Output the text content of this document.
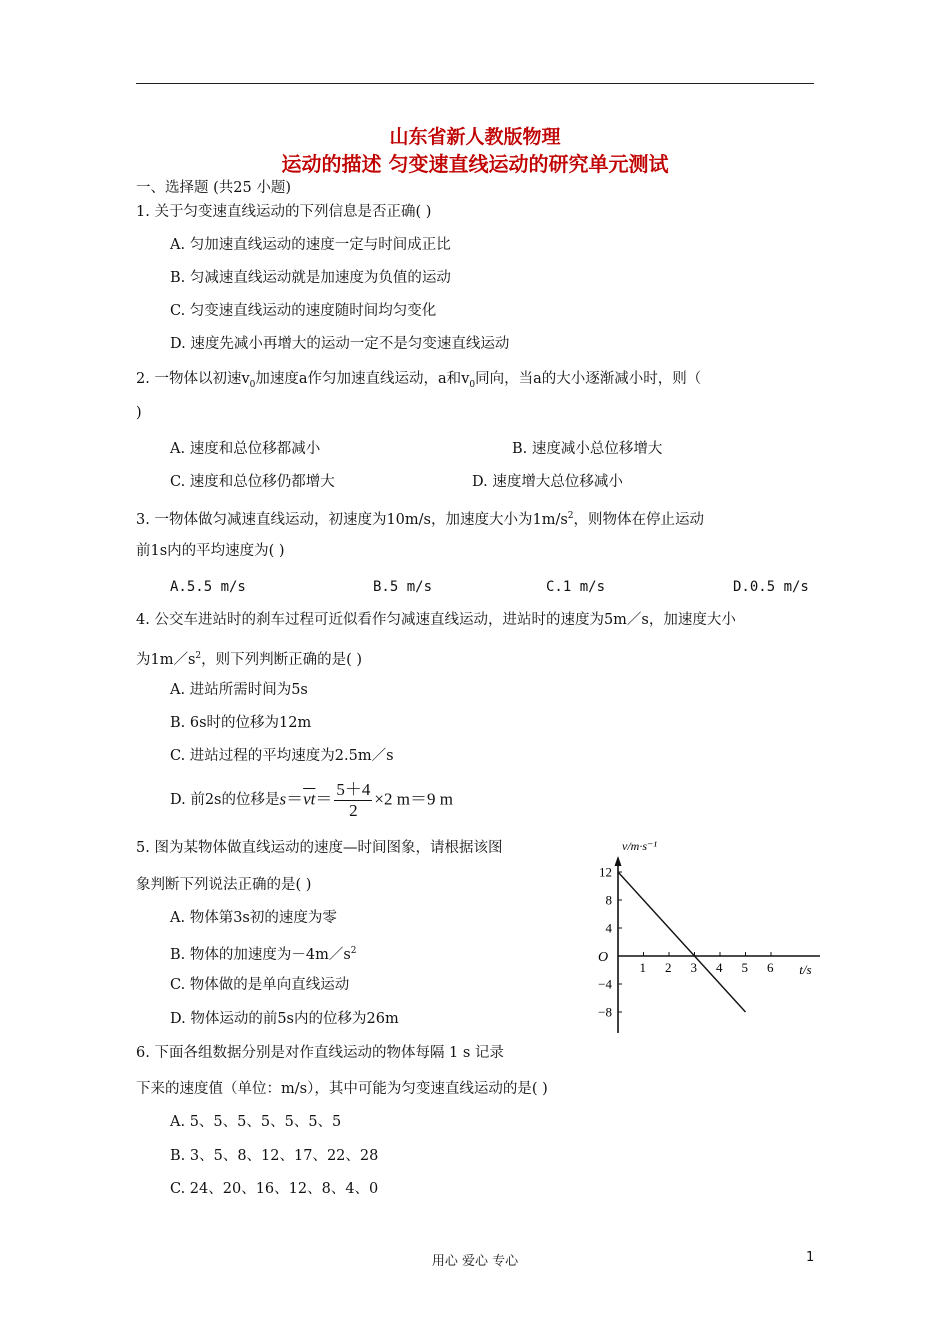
山东省新人教版物理
运动的描述 匀变速直线运动的研究单元测试
一、选择题 (共25 小题)
1. 关于匀变速直线运动的下列信息是否正确( )
A. 匀加速直线运动的速度一定与时间成正比
B. 匀减速直线运动就是加速度为负值的运动
C. 匀变速直线运动的速度随时间均匀变化
D. 速度先减小再增大的运动一定不是匀变速直线运动
2. 一物体以初速$v_0$加速度a作匀加速直线运动，a和$v_0$同向，当a的大小逐渐减小时，则（
)
A. 速度和总位移都减小	B. 速度减小总位移增大
C. 速度和总位移仍都增大	D. 速度增大总位移减小
3. 一物体做匀减速直线运动，初速度为10m/s，加速度大小为$1m/s^2$，则物体在停止运动
前1s内的平均速度为( )
A.5.5 m/s	B.5 m/s	C.1 m/s	D.0.5 m/s
4. 公交车进站时的刹车过程可近似看作匀减速直线运动，进站时的速度为5m／s，加速度大小
为$1m/s^2$，则下列判断正确的是( )
A. 进站所需时间为5s
B. 6s时的位移为12m
C. 进站过程的平均速度为2.5m／s
D. 前2s的位移是 $s=\overline{vt}= \frac{5+4}{2} \times 2$ m＝9 m
5. 图为某物体做直线运动的速度—时间图象，请根据该图
象判断下列说法正确的是( )
A. 物体第3s初的速度为零
B. 物体的加速度为$-4m/s^2$
C. 物体做的是单向直线运动
D. 物体运动的前5s内的位移为26m
1 2 3 4 5 6
12
8
4
−4
−8
v/m·s⁻¹
t/s
O
6. 下面各组数据分别是对作直线运动的物体每隔 1 s 记录
下来的速度值（单位：m/s），其中可能为匀变速直线运动的是( )
A. 5、5、5、5、5、5、5
B. 3、5、8、12、17、22、28
C. 24、20、16、12、8、4、0
用心 爱心 专心	1
